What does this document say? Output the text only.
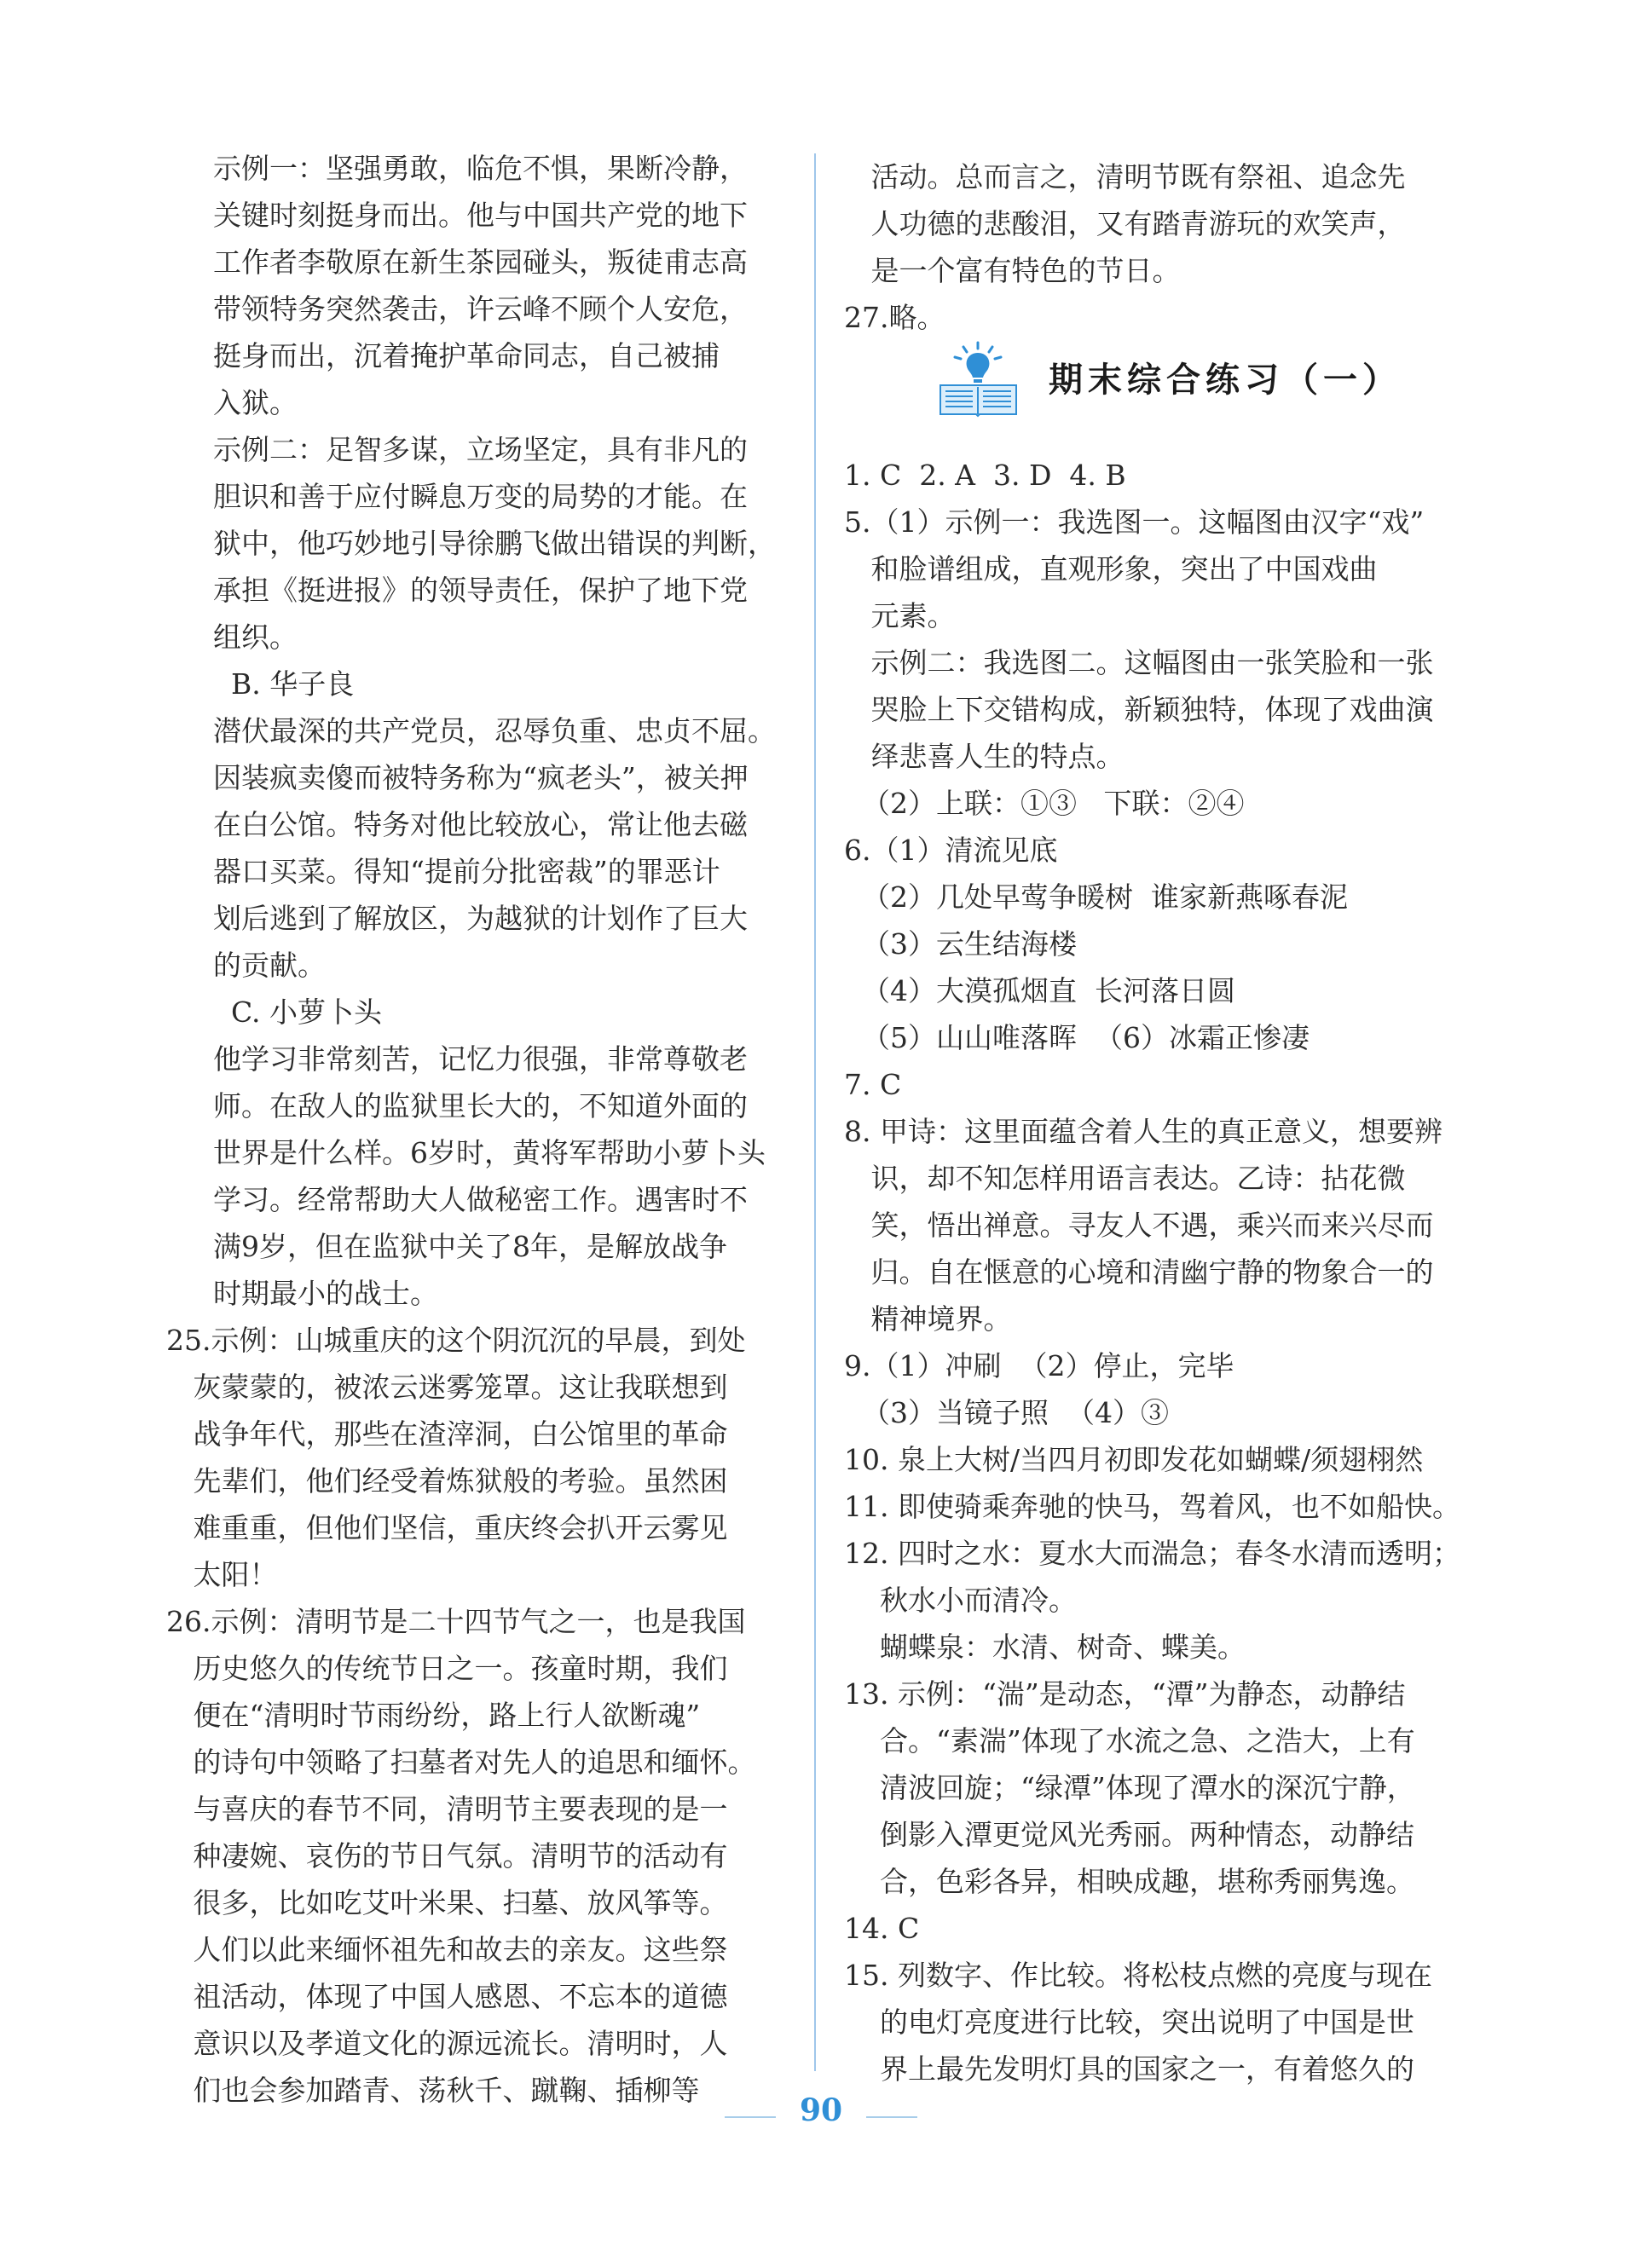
示例一：坚强勇敢，临危不惧，果断冷静，
关键时刻挺身而出。他与中国共产党的地下
工作者李敬原在新生茶园碰头，叛徒甫志高
带领特务突然袭击，许云峰不顾个人安危，
挺身而出，沉着掩护革命同志，自己被捕
入狱。
示例二：足智多谋，立场坚定，具有非凡的
胆识和善于应付瞬息万变的局势的才能。在
狱中，他巧妙地引导徐鹏飞做出错误的判断，
承担《挺进报》的领导责任，保护了地下党
组织。
B. 华子良
潜伏最深的共产党员，忍辱负重、忠贞不屈。
因装疯卖傻而被特务称为“疯老头”，被关押
在白公馆。特务对他比较放心，常让他去磁
器口买菜。得知“提前分批密裁”的罪恶计
划后逃到了解放区，为越狱的计划作了巨大
的贡献。
C. 小萝卜头
他学习非常刻苦，记忆力很强，非常尊敬老
师。在敌人的监狱里长大的，不知道外面的
世界是什么样。6岁时，黄将军帮助小萝卜头
学习。经常帮助大人做秘密工作。遇害时不
满9岁，但在监狱中关了8年，是解放战争
时期最小的战士。
25.示例：山城重庆的这个阴沉沉的早晨，到处
灰蒙蒙的，被浓云迷雾笼罩。这让我联想到
战争年代，那些在渣滓洞，白公馆里的革命
先辈们，他们经受着炼狱般的考验。虽然困
难重重，但他们坚信，重庆终会扒开云雾见
太阳！
26.示例：清明节是二十四节气之一，也是我国
历史悠久的传统节日之一。孩童时期，我们
便在“清明时节雨纷纷，路上行人欲断魂”
的诗句中领略了扫墓者对先人的追思和缅怀。
与喜庆的春节不同，清明节主要表现的是一
种凄婉、哀伤的节日气氛。清明节的活动有
很多，比如吃艾叶米果、扫墓、放风筝等。
人们以此来缅怀祖先和故去的亲友。这些祭
祖活动，体现了中国人感恩、不忘本的道德
意识以及孝道文化的源远流长。清明时，人
们也会参加踏青、荡秋千、蹴鞠、插柳等
活动。总而言之，清明节既有祭祖、追念先
人功德的悲酸泪，又有踏青游玩的欢笑声，
是一个富有特色的节日。
27.略。
1. C  2. A  3. D  4. B
5.（1）示例一：我选图一。这幅图由汉字“戏”
和脸谱组成，直观形象，突出了中国戏曲
元素。
示例二：我选图二。这幅图由一张笑脸和一张
哭脸上下交错构成，新颖独特，体现了戏曲演
绎悲喜人生的特点。
（2）上联：①③   下联：②④
6.（1）清流见底
（2）几处早莺争暖树  谁家新燕啄春泥
（3）云生结海楼
（4）大漠孤烟直  长河落日圆
（5）山山唯落晖  （6）冰霜正惨凄
7. C
8. 甲诗：这里面蕴含着人生的真正意义，想要辨
识，却不知怎样用语言表达。乙诗：拈花微
笑，悟出禅意。寻友人不遇，乘兴而来兴尽而
归。自在惬意的心境和清幽宁静的物象合一的
精神境界。
9.（1）冲刷  （2）停止，完毕
（3）当镜子照  （4）③
10. 泉上大树/当四月初即发花如蝴蝶/须翅栩然
11. 即使骑乘奔驰的快马，驾着风，也不如船快。
12. 四时之水：夏水大而湍急；春冬水清而透明；
秋水小而清冷。
蝴蝶泉：水清、树奇、蝶美。
13. 示例：“湍”是动态，“潭”为静态，动静结
合。“素湍”体现了水流之急、之浩大，上有
清波回旋；“绿潭”体现了潭水的深沉宁静，
倒影入潭更觉风光秀丽。两种情态，动静结
合，色彩各异，相映成趣，堪称秀丽隽逸。
14. C
15. 列数字、作比较。将松枝点燃的亮度与现在
的电灯亮度进行比较，突出说明了中国是世
界上最先发明灯具的国家之一，有着悠久的
期末综合练习（一）
90
